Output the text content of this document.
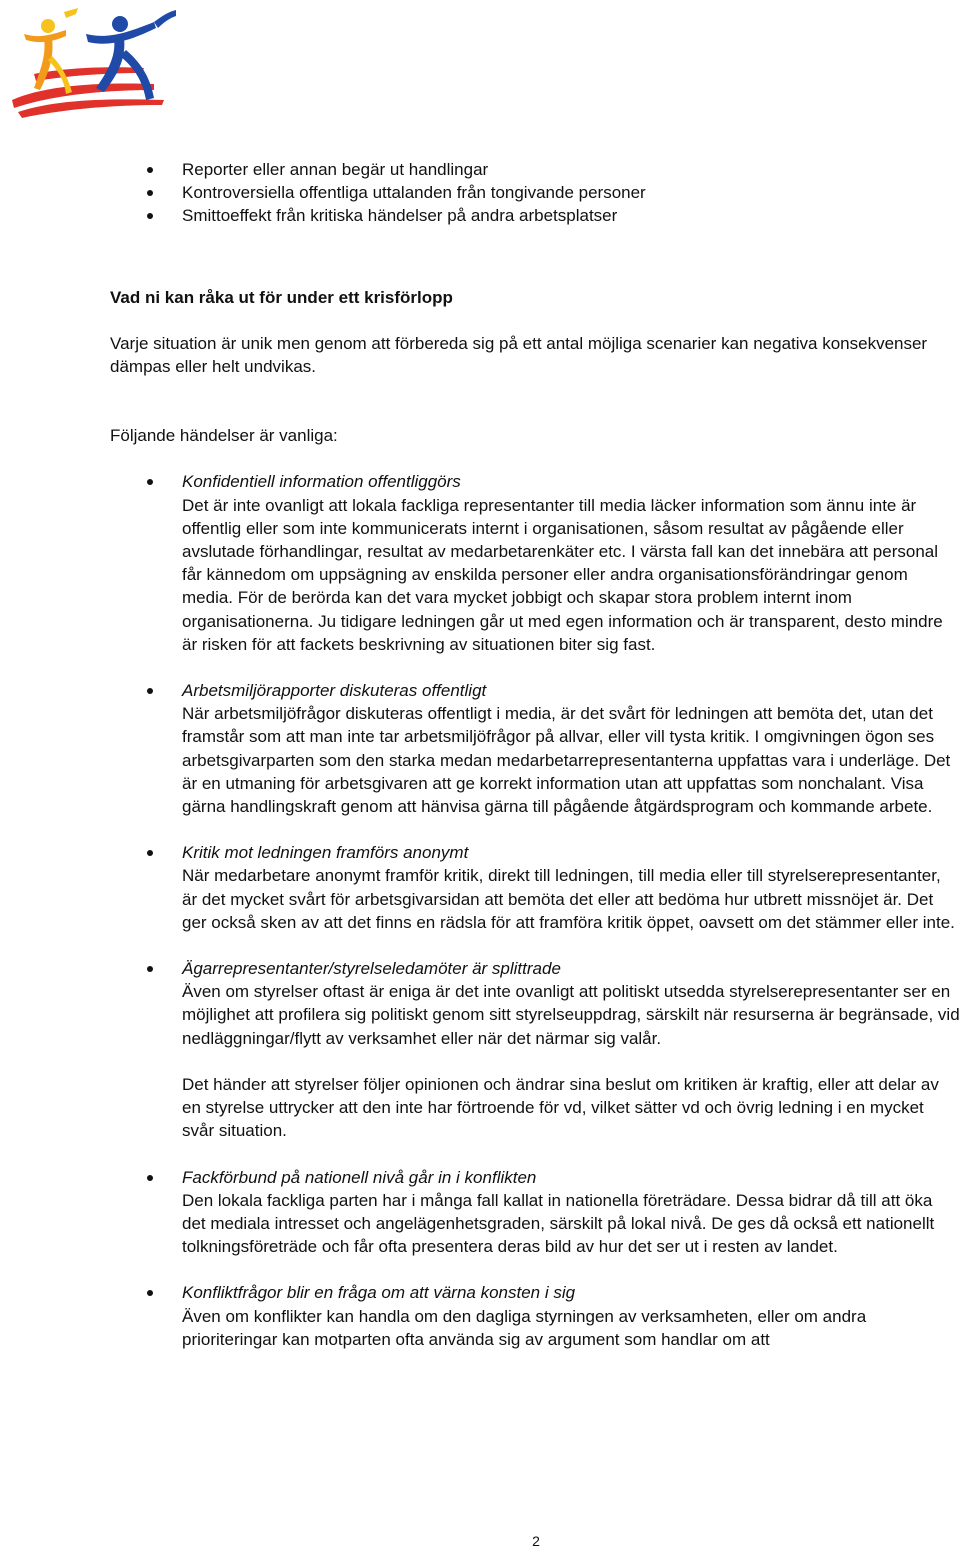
Reporter eller annan begär ut handlingar
Kontroversiella offentliga uttalanden från tongivande personer
Smittoeffekt från kritiska händelser på andra arbetsplatser
Vad ni kan råka ut för under ett krisförlopp

Varje situation är unik men genom att förbereda sig på ett antal möjliga scenarier kan negativa konsekvenser dämpas eller helt undvikas.

Följande händelser är vanliga:

Konfidentiell information offentliggörs
Det är inte ovanligt att lokala fackliga representanter till media läcker information som ännu inte är offentlig eller som inte kommunicerats internt i organisationen, såsom resultat av pågående eller avslutade förhandlingar, resultat av medarbetarenkäter etc. I värsta fall kan det innebära att personal får kännedom om uppsägning av enskilda personer eller andra organisationsförändringar genom media. För de berörda kan det vara mycket jobbigt och skapar stora problem internt inom organisationerna. Ju tidigare ledningen går ut med egen information och är transparent, desto mindre är risken för att fackets beskrivning av situationen biter sig fast.
Arbetsmiljörapporter diskuteras offentligt
När arbetsmiljöfrågor diskuteras offentligt i media, är det svårt för ledningen att bemöta det, utan det framstår som att man inte tar arbetsmiljöfrågor på allvar, eller vill tysta kritik. I omgivningen ögon ses arbetsgivarparten som den starka medan medarbetarrepresentanterna uppfattas vara i underläge. Det är en utmaning för arbetsgivaren att ge korrekt information utan att uppfattas som nonchalant. Visa gärna handlingskraft genom att hänvisa gärna till pågående åtgärdsprogram och kommande arbete.
Kritik mot ledningen framförs anonymt
När medarbetare anonymt framför kritik, direkt till ledningen, till media eller till styrelserepresentanter, är det mycket svårt för arbetsgivarsidan att bemöta det eller att bedöma hur utbrett missnöjet är. Det ger också sken av att det finns en rädsla för att framföra kritik öppet, oavsett om det stämmer eller inte.
Ägarrepresentanter/styrelseledamöter är splittrade
Även om styrelser oftast är eniga är det inte ovanligt att politiskt utsedda styrelserepresentanter ser en möjlighet att profilera sig politiskt genom sitt styrelseuppdrag, särskilt när resurserna är begränsade, vid nedläggningar/flytt av verksamhet eller när det närmar sig valår.
Det händer att styrelser följer opinionen och ändrar sina beslut om kritiken är kraftig, eller att delar av en styrelse uttrycker att den inte har förtroende för vd, vilket sätter vd och övrig ledning i en mycket svår situation.
Fackförbund på nationell nivå går in i konflikten
Den lokala fackliga parten har i många fall kallat in nationella företrädare. Dessa bidrar då till att öka det mediala intresset och angelägenhetsgraden, särskilt på lokal nivå. De ges då också ett nationellt tolkningsföreträde och får ofta presentera deras bild av hur det ser ut i resten av landet.
Konfliktfrågor blir en fråga om att värna konsten i sig
Även om konflikter kan handla om den dagliga styrningen av verksamheten, eller om andra prioriteringar kan motparten ofta använda sig av argument som handlar om att
2
